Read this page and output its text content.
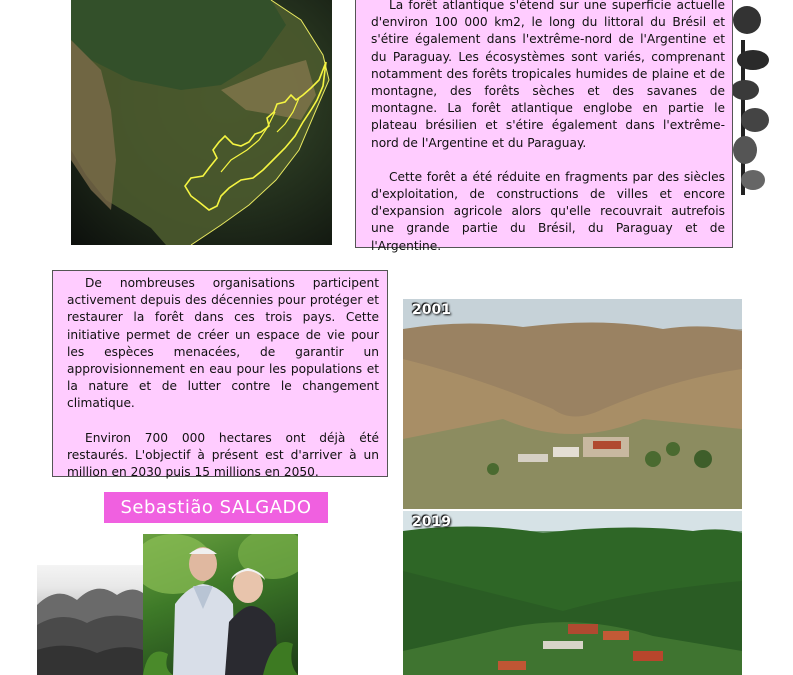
La forêt atlantique s'étend sur une superficie actuelle d'environ 100 000 km2, le long du littoral du Brésil et s'étire également dans l'extrême-nord de l'Argentine et du Paraguay. Les écosystèmes sont variés, comprenant notamment des forêts tropicales humides de plaine et de montagne, des forêts sèches et des savanes de montagne. La forêt atlantique englobe en partie le plateau brésilien et s'étire également dans l'extrême-nord de l'Argentine et du Paraguay.

Cette forêt a été réduite en fragments par des siècles d'exploitation, de constructions de villes et encore d'expansion agricole alors qu'elle recouvrait autrefois une grande partie du Brésil, du Paraguay et de l'Argentine.

De nombreuses organisations participent activement depuis des décennies pour protéger et restaurer la forêt dans ces trois pays. Cette initiative permet de créer un espace de vie pour les espèces menacées, de garantir un approvisionnement en eau pour les populations et la nature et de lutter contre le changement climatique.

Environ 700 000 hectares ont déjà été restaurés. L'objectif à présent est d'arriver à un million en 2030 puis 15 millions en 2050.

Sebastião SALGADO
2001
2019
